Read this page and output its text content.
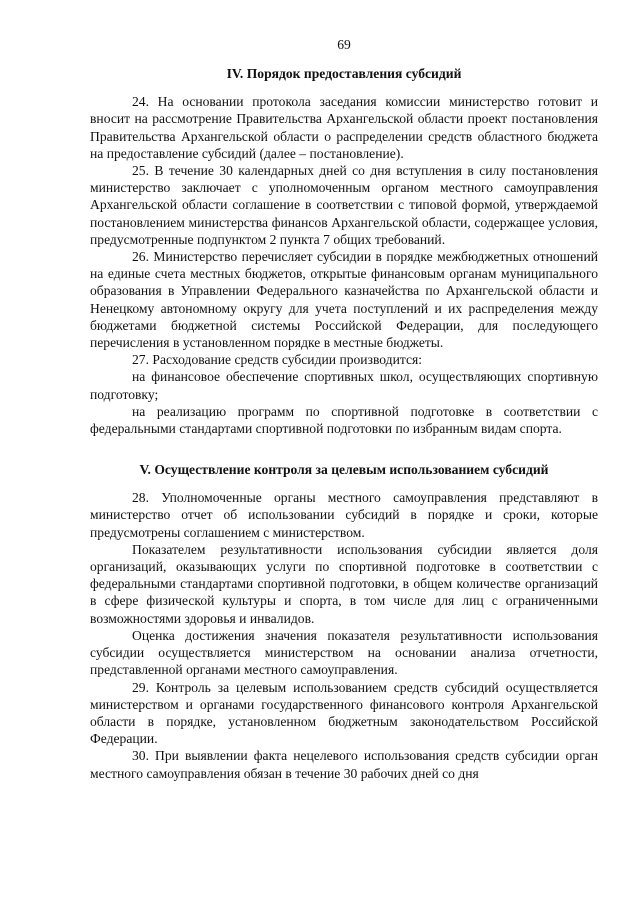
69
IV. Порядок предоставления субсидий

24. На основании протокола заседания комиссии министерство готовит и вносит на рассмотрение Правительства Архангельской области проект постановления Правительства Архангельской области о распределении средств областного бюджета на предоставление субсидий (далее – постановление).

25. В течение 30 календарных дней со дня вступления в силу постановления министерство заключает с уполномоченным органом местного самоуправления Архангельской области соглашение в соответствии с типовой формой, утверждаемой постановлением министерства финансов Архангельской области, содержащее условия, предусмотренные подпунктом 2 пункта 7 общих требований.

26. Министерство перечисляет субсидии в порядке межбюджетных отношений на единые счета местных бюджетов, открытые финансовым органам муниципального образования в Управлении Федерального казначейства по Архангельской области и Ненецкому автономному округу для учета поступлений и их распределения между бюджетами бюджетной системы Российской Федерации, для последующего перечисления в установленном порядке в местные бюджеты.

27. Расходование средств субсидии производится:

на финансовое обеспечение спортивных школ, осуществляющих спортивную подготовку;

на реализацию программ по спортивной подготовке в соответствии с федеральными стандартами спортивной подготовки по избранным видам спорта.

V. Осуществление контроля за целевым использованием субсидий

28. Уполномоченные органы местного самоуправления представляют в министерство отчет об использовании субсидий в порядке и сроки, которые предусмотрены соглашением с министерством.

Показателем результативности использования субсидии является доля организаций, оказывающих услуги по спортивной подготовке в соответствии с федеральными стандартами спортивной подготовки, в общем количестве организаций в сфере физической культуры и спорта, в том числе для лиц с ограниченными возможностями здоровья и инвалидов.

Оценка достижения значения показателя результативности использования субсидии осуществляется министерством на основании анализа отчетности, представленной органами местного самоуправления.

29. Контроль за целевым использованием средств субсидий осуществляется министерством и органами государственного финансового контроля Архангельской области в порядке, установленном бюджетным законодательством Российской Федерации.

30. При выявлении факта нецелевого использования средств субсидии орган местного самоуправления обязан в течение 30 рабочих дней со дня
